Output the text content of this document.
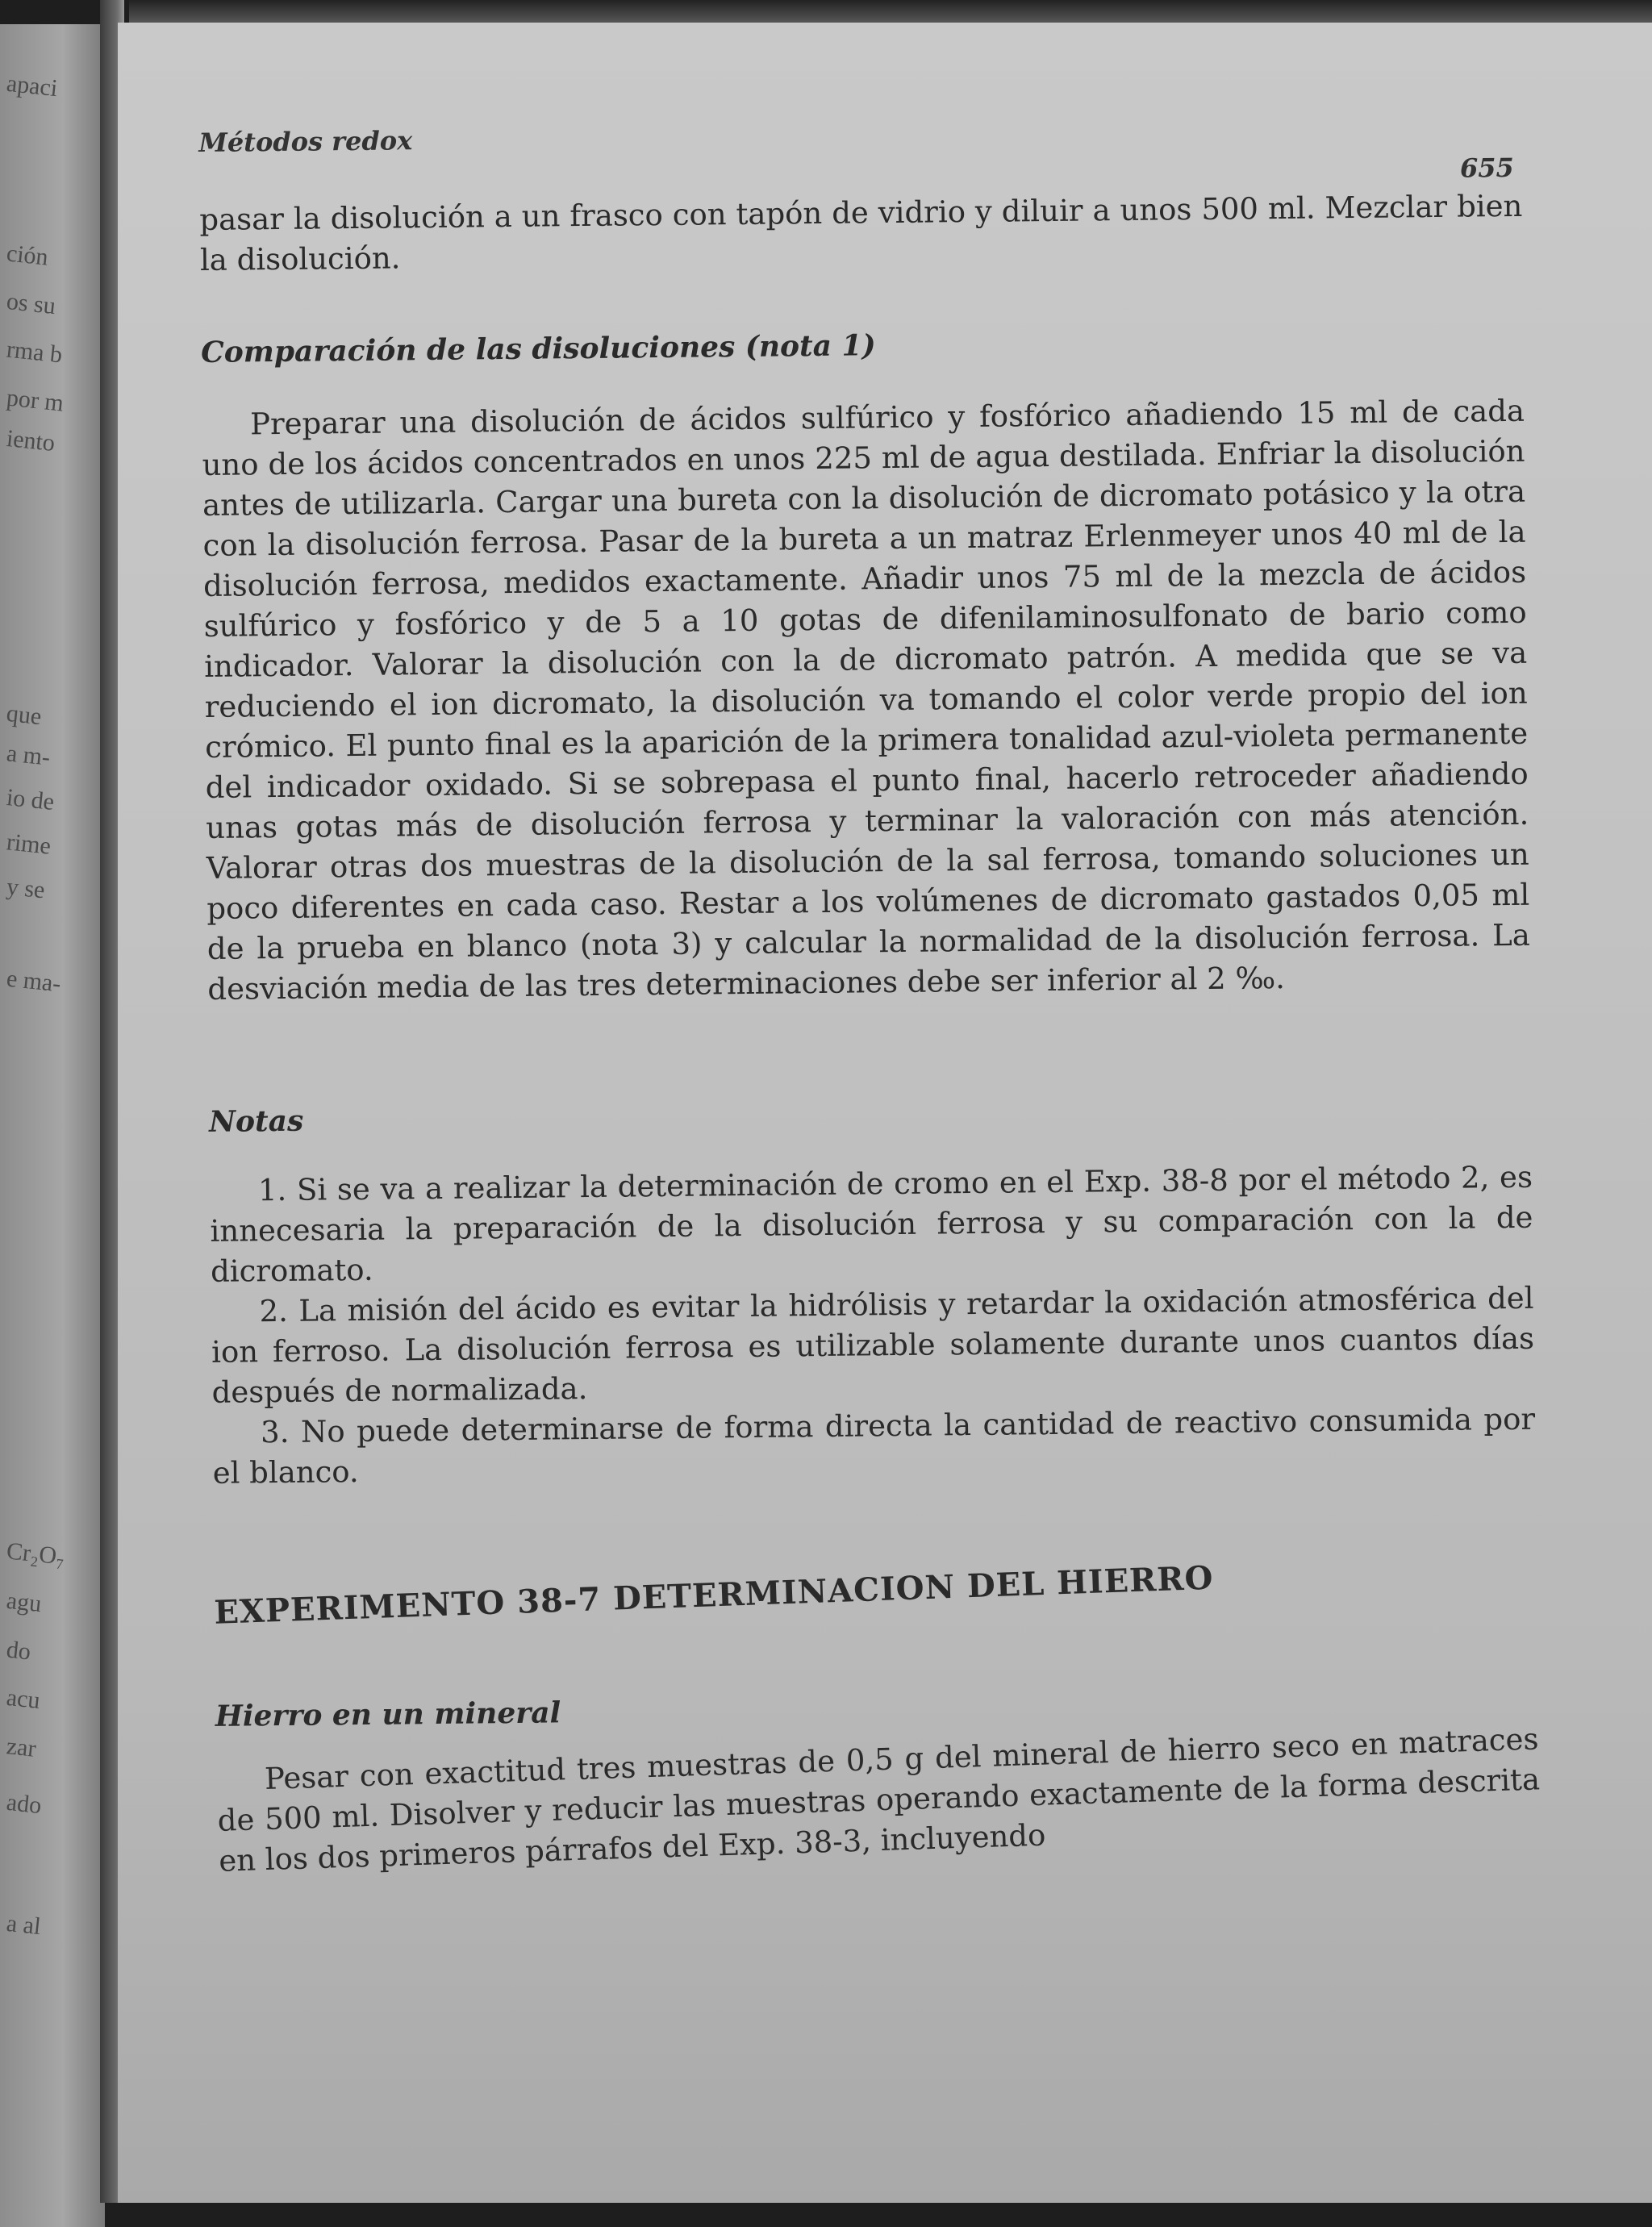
apaci
ción
os su
rma b
por m
iento
que
a m-
io de
rime
y se
e ma-
Cr₂O₇
agu
do
acu
zar
ado
a al
Métodos redox
655

pasar la disolución a un frasco con tapón de vidrio y diluir a unos 500 ml. Mezclar bien la disolución.

Comparación de las disoluciones (nota 1)

Preparar una disolución de ácidos sulfúrico y fosfórico añadiendo 15 ml de cada uno de los ácidos concentrados en unos 225 ml de agua destilada. Enfriar la disolución antes de utilizarla. Cargar una bureta con la disolución de dicromato potásico y la otra con la disolución ferrosa. Pasar de la bureta a un matraz Erlenmeyer unos 40 ml de la disolución ferrosa, medidos exactamente. Añadir unos 75 ml de la mezcla de ácidos sulfúrico y fosfórico y de 5 a 10 gotas de difenilaminosulfonato de bario como indicador. Valorar la disolución con la de dicromato patrón. A medida que se va reduciendo el ion dicromato, la disolución va tomando el color verde propio del ion crómico. El punto final es la aparición de la primera tonalidad azul-violeta permanente del indicador oxidado. Si se sobrepasa el punto final, hacerlo retroceder añadiendo unas gotas más de disolución ferrosa y terminar la valoración con más atención. Valorar otras dos muestras de la disolución de la sal ferrosa, tomando soluciones un poco diferentes en cada caso. Restar a los volúmenes de dicromato gastados 0,05 ml de la prueba en blanco (nota 3) y calcular la normalidad de la disolución ferrosa. La desviación media de las tres determinaciones debe ser inferior al 2 ‰.

Notas

1. Si se va a realizar la determinación de cromo en el Exp. 38-8 por el método 2, es innecesaria la preparación de la disolución ferrosa y su comparación con la de dicromato.

2. La misión del ácido es evitar la hidrólisis y retardar la oxidación atmosférica del ion ferroso. La disolución ferrosa es utilizable solamente durante unos cuantos días después de normalizada.

3. No puede determinarse de forma directa la cantidad de reactivo consumida por el blanco.

EXPERIMENTO 38-7 DETERMINACION DEL HIERRO
Hierro en un mineral

Pesar con exactitud tres muestras de 0,5 g del mineral de hierro seco en matraces de 500 ml. Disolver y reducir las muestras operando exactamente de la forma descrita en los dos primeros párrafos del Exp. 38-3, incluyendo
